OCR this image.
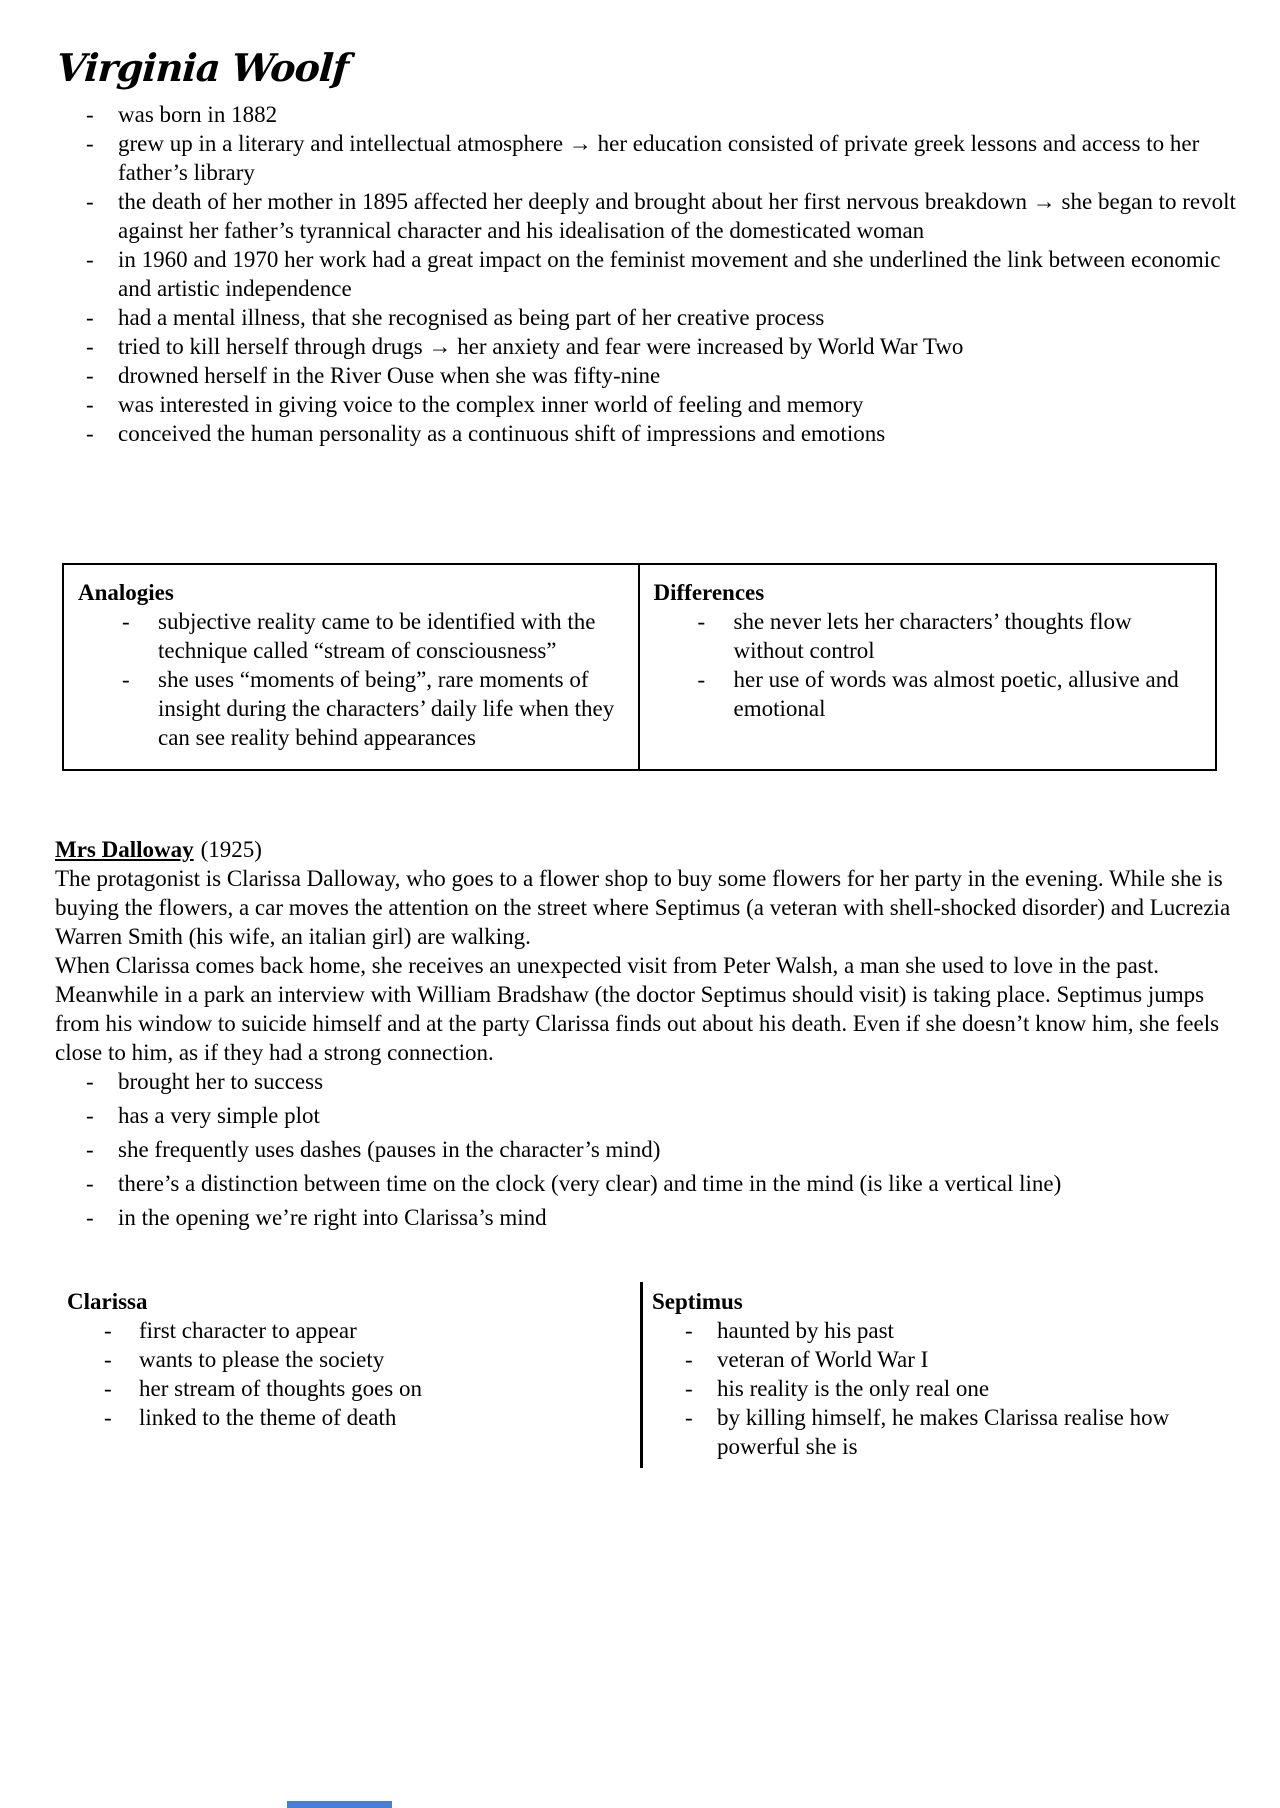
Virginia Woolf
- was born in 1882
- grew up in a literary and intellectual atmosphere → her education consisted of private greek lessons and access to her father’s library
- the death of her mother in 1895 affected her deeply and brought about her first nervous breakdown → she began to revolt against her father’s tyrannical character and his idealisation of the domesticated woman
- in 1960 and 1970 her work had a great impact on the feminist movement and she underlined the link between economic and artistic independence
- had a mental illness, that she recognised as being part of her creative process
- tried to kill herself through drugs → her anxiety and fear were increased by World War Two
- drowned herself in the River Ouse when she was fifty-nine
- was interested in giving voice to the complex inner world of feeling and memory
- conceived the human personality as a continuous shift of impressions and emotions
Analogies
- subjective reality came to be identified with the technique called “stream of consciousness”
- she uses “moments of being”, rare moments of insight during the characters’ daily life when they can see reality behind appearances
Differences
- she never lets her characters’ thoughts flow without control
- her use of words was almost poetic, allusive and emotional
Mrs Dalloway (1925)

The protagonist is Clarissa Dalloway, who goes to a flower shop to buy some flowers for her party in the evening. While she is buying the flowers, a car moves the attention on the street where Septimus (a veteran with shell-shocked disorder) and Lucrezia Warren Smith (his wife, an italian girl) are walking.

When Clarissa comes back home, she receives an unexpected visit from Peter Walsh, a man she used to love in the past. Meanwhile in a park an interview with William Bradshaw (the doctor Septimus should visit) is taking place. Septimus jumps from his window to suicide himself and at the party Clarissa finds out about his death. Even if she doesn’t know him, she feels close to him, as if they had a strong connection.

- brought her to success
- has a very simple plot
- she frequently uses dashes (pauses in the character’s mind)
- there’s a distinction between time on the clock (very clear) and time in the mind (is like a vertical line)
- in the opening we’re right into Clarissa’s mind
Clarissa
- first character to appear
- wants to please the society
- her stream of thoughts goes on
- linked to the theme of death
Septimus
- haunted by his past
- veteran of World War I
- his reality is the only real one
- by killing himself, he makes Clarissa realise how powerful she is
